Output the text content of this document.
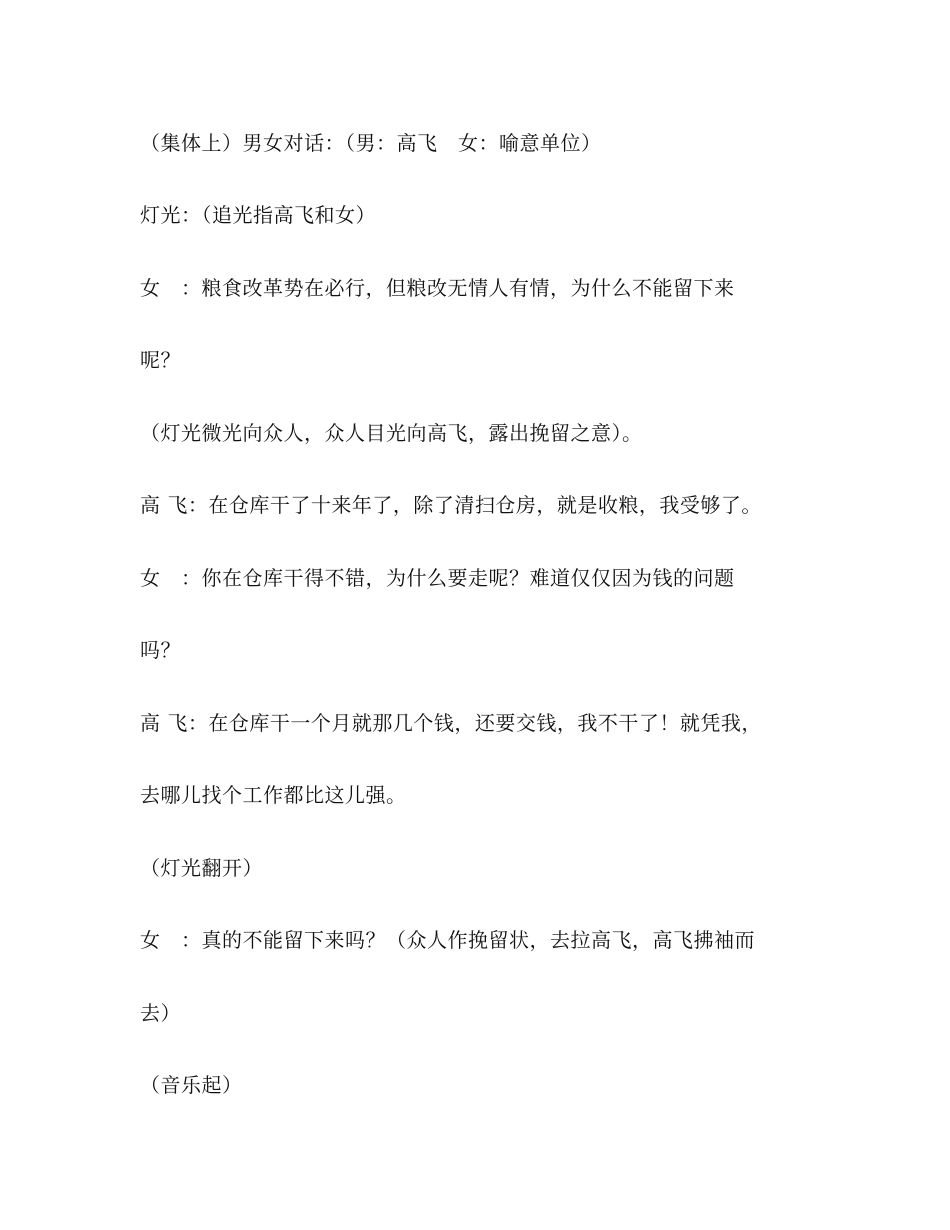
（集体上）男女对话：（男：高飞　女：喻意单位）
灯光：（追光指高飞和女）
女　：粮食改革势在必行，但粮改无情人有情，为什么不能留下来
呢？
（灯光微光向众人，众人目光向高飞，露出挽留之意）。
高 飞：在仓库干了十来年了，除了清扫仓房，就是收粮，我受够了。
女　：你在仓库干得不错，为什么要走呢？难道仅仅因为钱的问题
吗？
高 飞：在仓库干一个月就那几个钱，还要交钱，我不干了！就凭我，
去哪儿找个工作都比这儿强。
（灯光翻开）
女　：真的不能留下来吗？（众人作挽留状，去拉高飞，高飞拂袖而
去）
（音乐起）
